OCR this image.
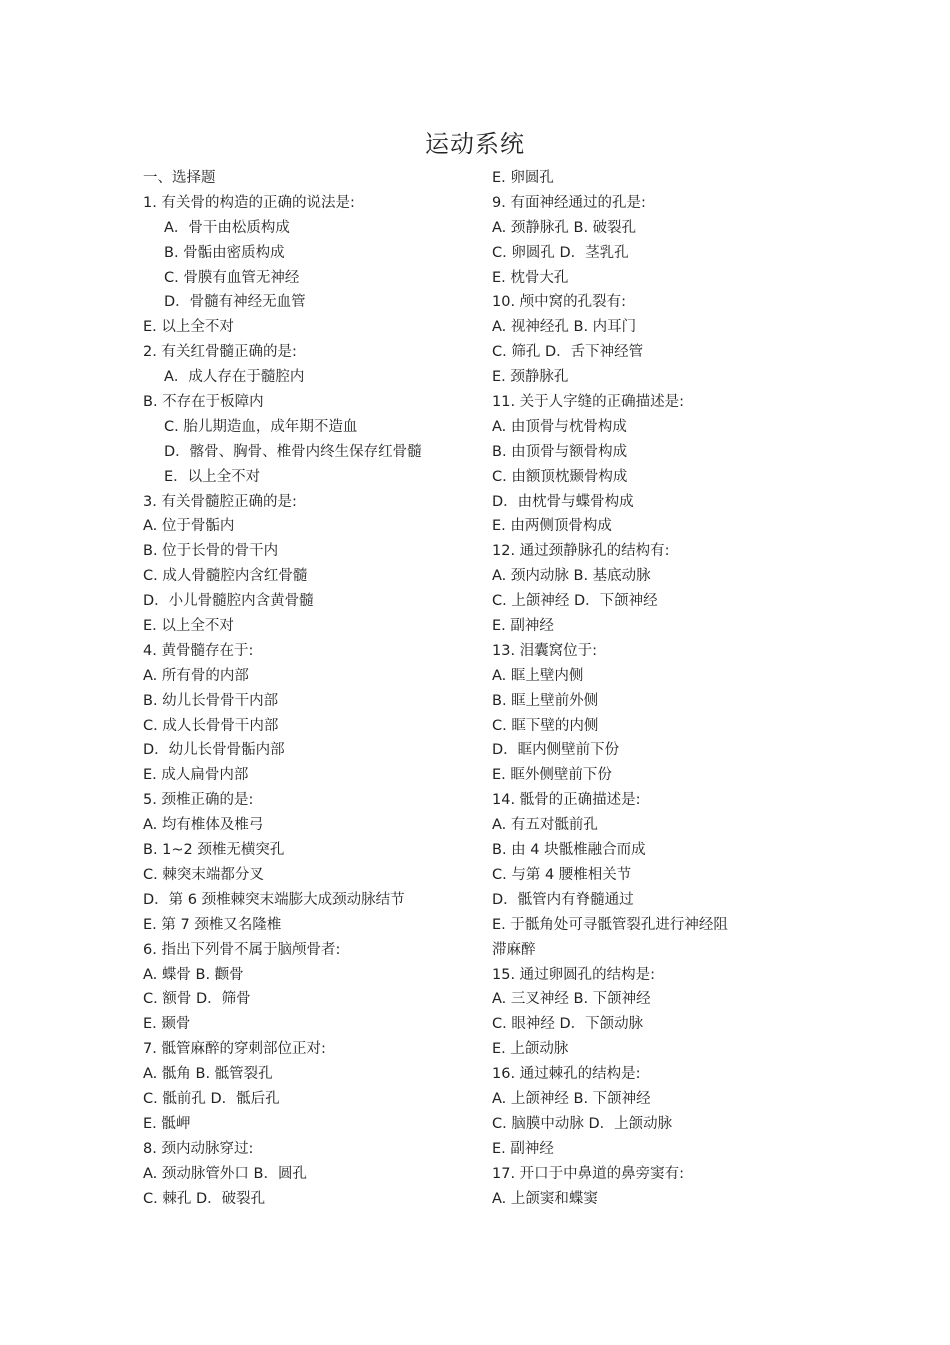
运动系统
一、选择题
1. 有关骨的构造的正确的说法是:
A．骨干由松质构成
B. 骨骺由密质构成
C. 骨膜有血管无神经
D．骨髓有神经无血管
E. 以上全不对
2. 有关红骨髓正确的是:
A．成人存在于髓腔内
B. 不存在于板障内
C. 胎儿期造血，成年期不造血
D．髂骨、胸骨、椎骨内终生保存红骨髓
E．以上全不对
3. 有关骨髓腔正确的是:
A. 位于骨骺内
B. 位于长骨的骨干内
C. 成人骨髓腔内含红骨髓
D．小儿骨髓腔内含黄骨髓
E. 以上全不对
4. 黄骨髓存在于:
A. 所有骨的内部
B. 幼儿长骨骨干内部
C. 成人长骨骨干内部
D．幼儿长骨骨骺内部
E. 成人扁骨内部
5. 颈椎正确的是:
A. 均有椎体及椎弓
B. 1~2 颈椎无横突孔
C. 棘突末端都分叉
D．第 6 颈椎棘突末端膨大成颈动脉结节
E. 第 7 颈椎又名隆椎
6. 指出下列骨不属于脑颅骨者:
A. 蝶骨 B. 颧骨
C. 额骨 D．筛骨
E. 颞骨
7. 骶管麻醉的穿刺部位正对:
A. 骶角 B. 骶管裂孔
C. 骶前孔 D．骶后孔
E. 骶岬
8. 颈内动脉穿过:
A. 颈动脉管外口 B．圆孔
C. 棘孔 D．破裂孔
E. 卵圆孔
9. 有面神经通过的孔是:
A. 颈静脉孔 B. 破裂孔
C. 卵圆孔 D．茎乳孔
E. 枕骨大孔
10. 颅中窝的孔裂有:
A. 视神经孔 B. 内耳门
C. 筛孔 D．舌下神经管
E. 颈静脉孔
11. 关于人字缝的正确描述是:
A. 由顶骨与枕骨构成
B. 由顶骨与额骨构成
C. 由额顶枕颞骨构成
D．由枕骨与蝶骨构成
E. 由两侧顶骨构成
12. 通过颈静脉孔的结构有:
A. 颈内动脉 B. 基底动脉
C. 上颌神经 D．下颌神经
E. 副神经
13. 泪囊窝位于:
A. 眶上壁内侧
B. 眶上壁前外侧
C. 眶下壁的内侧
D．眶内侧壁前下份
E. 眶外侧壁前下份
14. 骶骨的正确描述是:
A. 有五对骶前孔
B. 由 4 块骶椎融合而成
C. 与第 4 腰椎相关节
D．骶管内有脊髓通过
E. 于骶角处可寻骶管裂孔进行神经阻
滞麻醉
15. 通过卵圆孔的结构是:
A. 三叉神经 B. 下颌神经
C. 眼神经 D．下颌动脉
E. 上颌动脉
16. 通过棘孔的结构是:
A. 上颌神经 B. 下颌神经
C. 脑膜中动脉 D．上颌动脉
E. 副神经
17. 开口于中鼻道的鼻旁窦有:
A. 上颌窦和蝶窦
